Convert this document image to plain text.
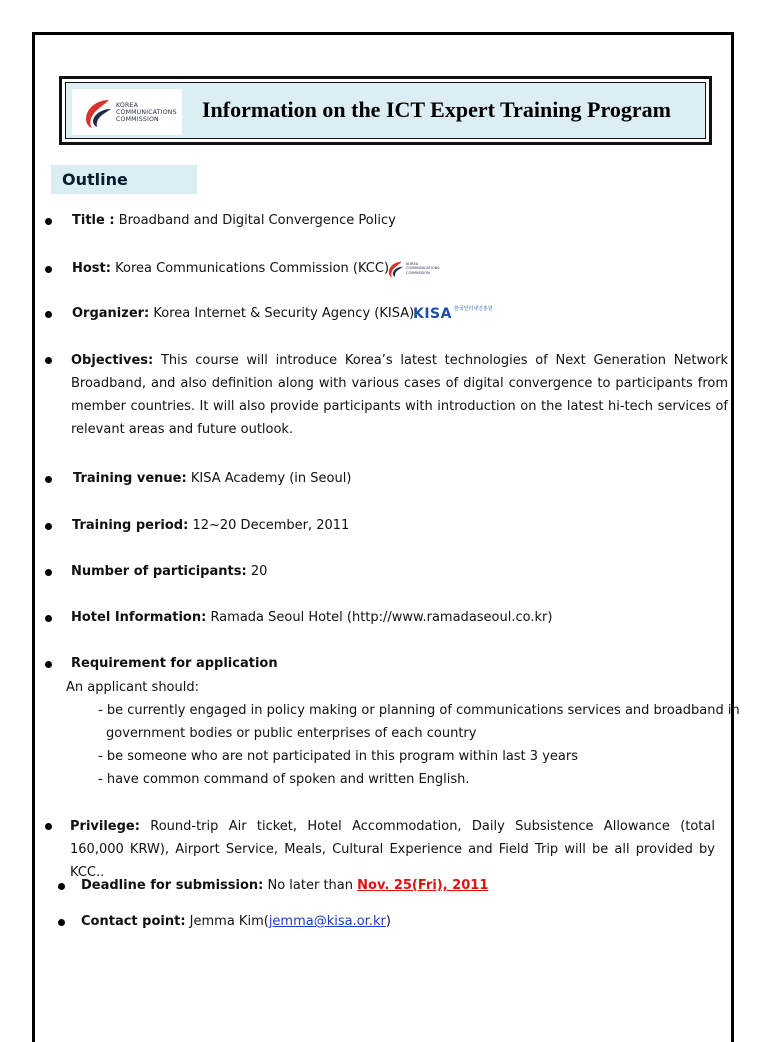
KOREA
COMMUNICATIONS
COMMISSION	Information on the ICT Expert Training Program
Outline
Title : Broadband and Digital Convergence Policy
Host: Korea Communications Commission (KCC)	KOREA
COMMUNICATIONS
COMMISSION
Organizer: Korea Internet & Security Agency (KISA)
KISA 한국인터넷진흥원
Objectives: This course will introduce Korea’s latest technologies of Next Generation Network Broadband, and also definition along with various cases of digital convergence to participants from member countries. It will also provide participants with introduction on the latest hi-tech services of relevant areas and future outlook.
Training venue: KISA Academy (in Seoul)
Training period: 12~20 December, 2011
Number of participants: 20
Hotel Information: Ramada Seoul Hotel (http://www.ramadaseoul.co.kr)
Requirement for application
An applicant should:
- be currently engaged in policy making or planning of communications services and broadband in
government bodies or public enterprises of each country
- be someone who are not participated in this program within last 3 years
- have common command of spoken and written English.
Privilege: Round-trip Air ticket, Hotel Accommodation, Daily Subsistence Allowance (total 160,000 KRW), Airport Service, Meals, Cultural Experience and Field Trip will be all provided by KCC..
Deadline for submission: No later than Nov. 25(Fri), 2011
Contact point: Jemma Kim(jemma@kisa.or.kr)
